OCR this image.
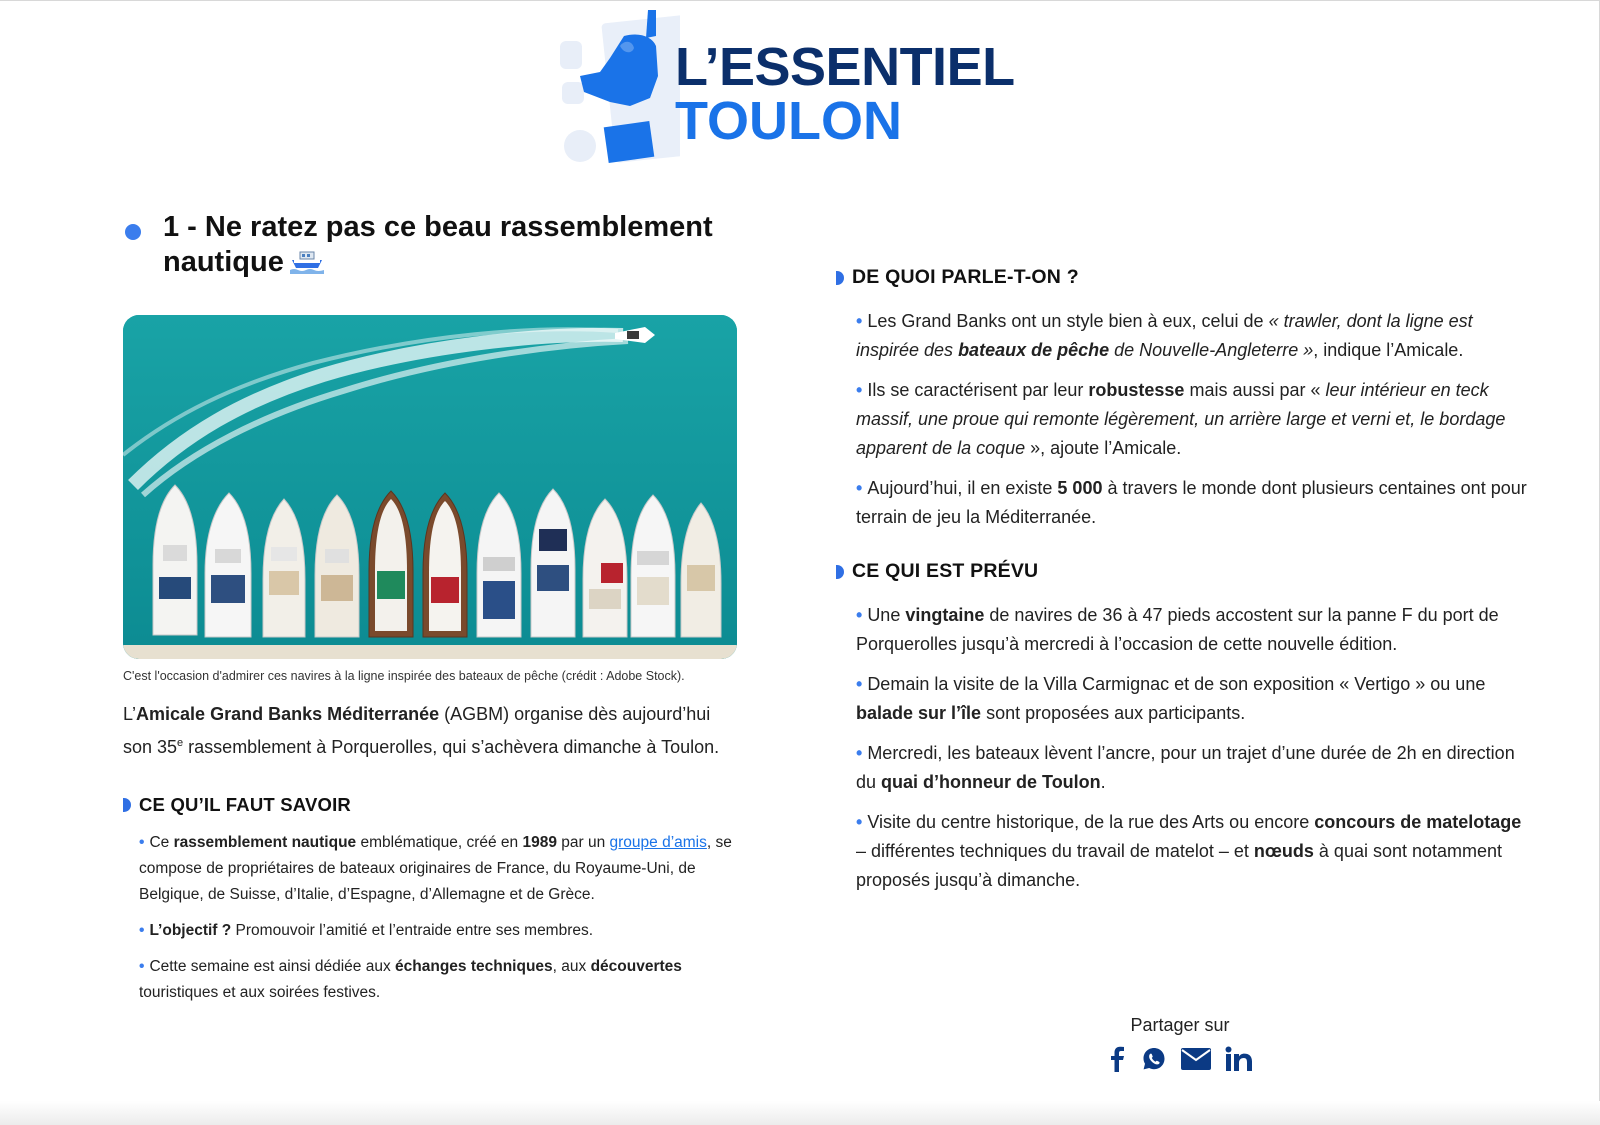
L’ESSENTIEL
TOULON
1 - Ne ratez pas ce beau rassemblement nautique
C'est l'occasion d'admirer ces navires à la ligne inspirée des bateaux de pêche (crédit : Adobe Stock).

L’Amicale Grand Banks Méditerranée (AGBM) organise dès aujourd’hui son 35e rassemblement à Porquerolles, qui s’achèvera dimanche à Toulon.

CE QU’IL FAUT SAVOIR
• Ce rassemblement nautique emblématique, créé en 1989 par un groupe d’amis, se compose de propriétaires de bateaux originaires de France, du Royaume-Uni, de Belgique, de Suisse, d’Italie, d’Espagne, d’Allemagne et de Grèce.
• L’objectif ? Promouvoir l’amitié et l’entraide entre ses membres.
• Cette semaine est ainsi dédiée aux échanges techniques, aux découvertes touristiques et aux soirées festives.
DE QUOI PARLE-T-ON ?
• Les Grand Banks ont un style bien à eux, celui de « trawler, dont la ligne est inspirée des bateaux de pêche de Nouvelle-Angleterre », indique l’Amicale.
• Ils se caractérisent par leur robustesse mais aussi par « leur intérieur en teck massif, une proue qui remonte légèrement, un arrière large et verni et, le bordage apparent de la coque », ajoute l’Amicale.
• Aujourd’hui, il en existe 5 000 à travers le monde dont plusieurs centaines ont pour terrain de jeu la Méditerranée.
CE QUI EST PRÉVU
• Une vingtaine de navires de 36 à 47 pieds accostent sur la panne F du port de Porquerolles jusqu’à mercredi à l’occasion de cette nouvelle édition.
• Demain la visite de la Villa Carmignac et de son exposition « Vertigo » ou une balade sur l’île sont proposées aux participants.
• Mercredi, les bateaux lèvent l’ancre, pour un trajet d’une durée de 2h en direction du quai d’honneur de Toulon.
• Visite du centre historique, de la rue des Arts ou encore concours de matelotage – différentes techniques du travail de matelot – et nœuds à quai sont notamment proposés jusqu’à dimanche.
Partager sur
